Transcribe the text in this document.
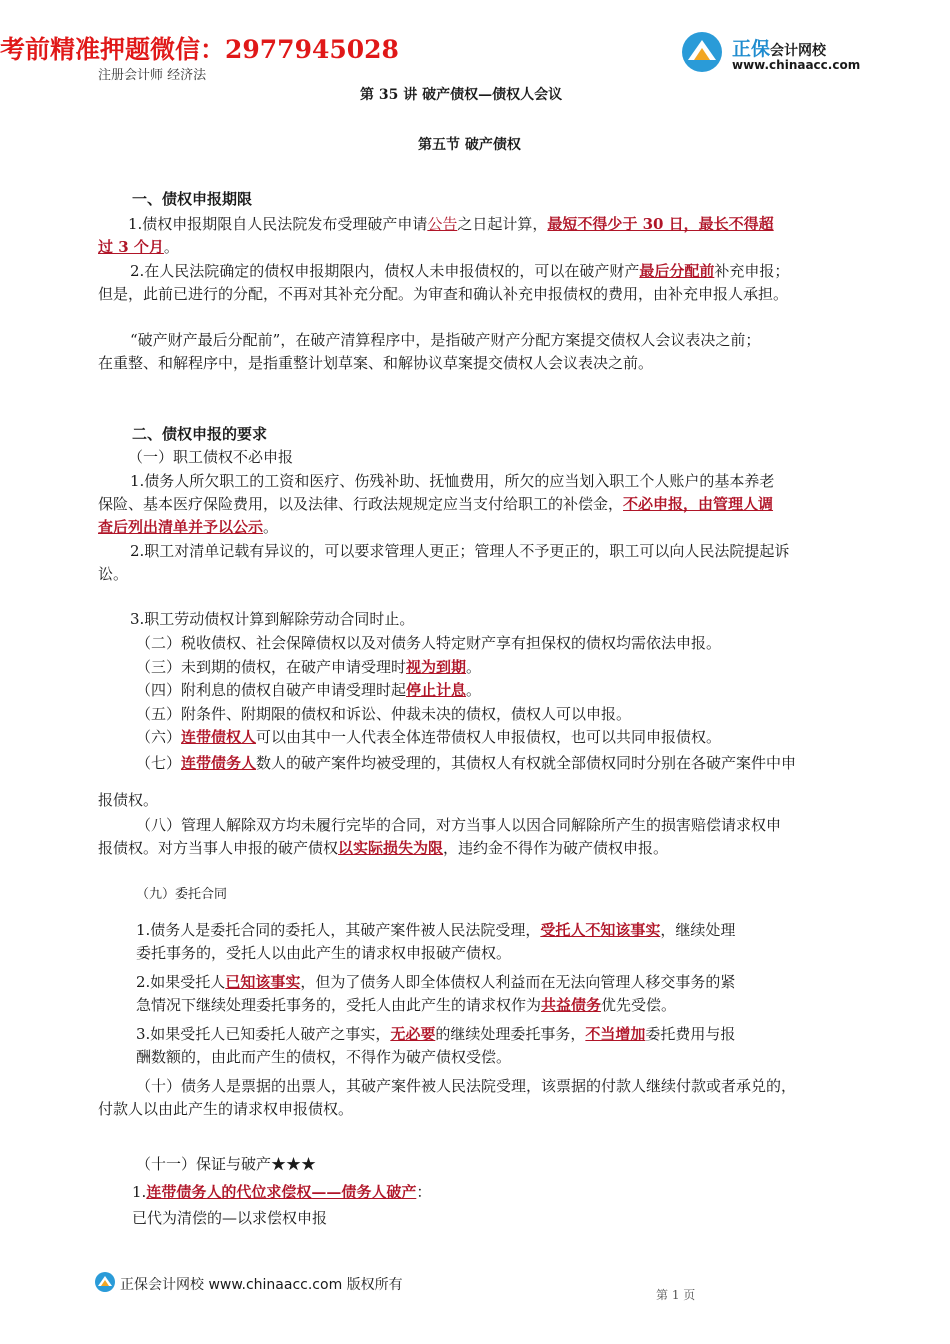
考前精准押题微信：2977945028	正保会计网校
www.chinaacc.com
注册会计师 经济法
第 35 讲 破产债权—债权人会议
第五节 破产债权
一、债权申报期限
1.债权申报期限自人民法院发布受理破产申请公告之日起计算，最短不得少于 30 日，最长不得超
过 3 个月。
2.在人民法院确定的债权申报期限内，债权人未申报债权的，可以在破产财产最后分配前补充申报；
但是，此前已进行的分配，不再对其补充分配。为审查和确认补充申报债权的费用，由补充申报人承担。
“破产财产最后分配前”，在破产清算程序中，是指破产财产分配方案提交债权人会议表决之前；
在重整、和解程序中，是指重整计划草案、和解协议草案提交债权人会议表决之前。
二、债权申报的要求
（一）职工债权不必申报
1.债务人所欠职工的工资和医疗、伤残补助、抚恤费用，所欠的应当划入职工个人账户的基本养老
保险、基本医疗保险费用，以及法律、行政法规规定应当支付给职工的补偿金，不必申报，由管理人调
查后列出清单并予以公示。
2.职工对清单记载有异议的，可以要求管理人更正；管理人不予更正的，职工可以向人民法院提起诉
讼。
3.职工劳动债权计算到解除劳动合同时止。
（二）税收债权、社会保障债权以及对债务人特定财产享有担保权的债权均需依法申报。
（三）未到期的债权，在破产申请受理时视为到期。
（四）附利息的债权自破产申请受理时起停止计息。
（五）附条件、附期限的债权和诉讼、仲裁未决的债权，债权人可以申报。
（六）连带债权人可以由其中一人代表全体连带债权人申报债权，也可以共同申报债权。
（七）连带债务人数人的破产案件均被受理的，其债权人有权就全部债权同时分别在各破产案件中申
报债权。
（八）管理人解除双方均未履行完毕的合同，对方当事人以因合同解除所产生的损害赔偿请求权申
报债权。对方当事人申报的破产债权以实际损失为限，违约金不得作为破产债权申报。
（九）委托合同
1.债务人是委托合同的委托人，其破产案件被人民法院受理，受托人不知该事实，继续处理
委托事务的，受托人以由此产生的请求权申报破产债权。
2.如果受托人已知该事实，但为了债务人即全体债权人利益而在无法向管理人移交事务的紧
急情况下继续处理委托事务的，受托人由此产生的请求权作为共益债务优先受偿。
3.如果受托人已知委托人破产之事实，无必要的继续处理委托事务，不当增加委托费用与报
酬数额的，由此而产生的债权，不得作为破产债权受偿。
（十）债务人是票据的出票人，其破产案件被人民法院受理，该票据的付款人继续付款或者承兑的，
付款人以由此产生的请求权申报债权。
（十一）保证与破产★★★
1.连带债务人的代位求偿权——债务人破产：
已代为清偿的—以求偿权申报
正保会计网校 www.chinaacc.com 版权所有
第 1 页
